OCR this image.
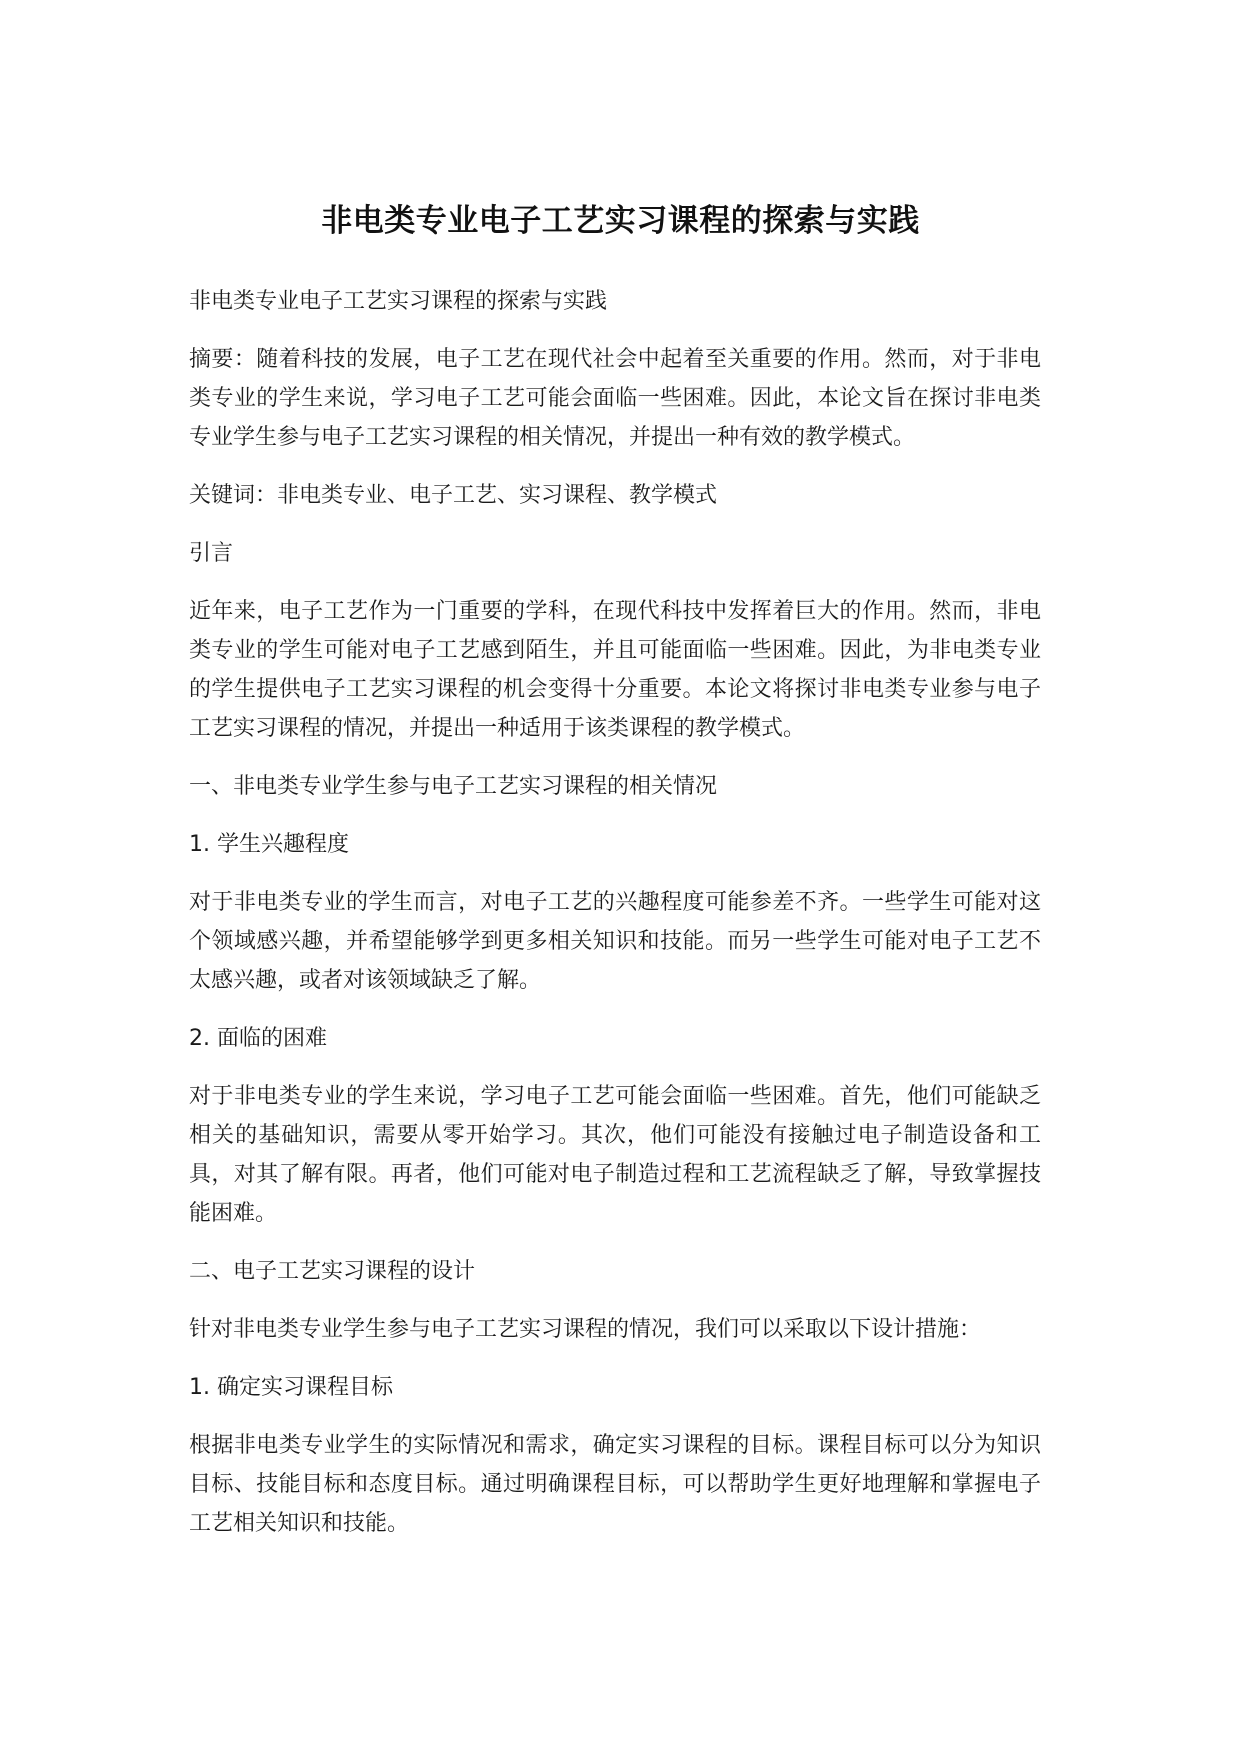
非电类专业电子工艺实习课程的探索与实践

非电类专业电子工艺实习课程的探索与实践

摘要：随着科技的发展，电子工艺在现代社会中起着至关重要的作用。然而，对于非电类专业的学生来说，学习电子工艺可能会面临一些困难。因此，本论文旨在探讨非电类专业学生参与电子工艺实习课程的相关情况，并提出一种有效的教学模式。

关键词：非电类专业、电子工艺、实习课程、教学模式

引言

近年来，电子工艺作为一门重要的学科，在现代科技中发挥着巨大的作用。然而，非电类专业的学生可能对电子工艺感到陌生，并且可能面临一些困难。因此，为非电类专业的学生提供电子工艺实习课程的机会变得十分重要。本论文将探讨非电类专业参与电子工艺实习课程的情况，并提出一种适用于该类课程的教学模式。

一、非电类专业学生参与电子工艺实习课程的相关情况

1. 学生兴趣程度

对于非电类专业的学生而言，对电子工艺的兴趣程度可能参差不齐。一些学生可能对这个领域感兴趣，并希望能够学到更多相关知识和技能。而另一些学生可能对电子工艺不太感兴趣，或者对该领域缺乏了解。

2. 面临的困难

对于非电类专业的学生来说，学习电子工艺可能会面临一些困难。首先，他们可能缺乏相关的基础知识，需要从零开始学习。其次，他们可能没有接触过电子制造设备和工具，对其了解有限。再者，他们可能对电子制造过程和工艺流程缺乏了解，导致掌握技能困难。

二、电子工艺实习课程的设计

针对非电类专业学生参与电子工艺实习课程的情况，我们可以采取以下设计措施：

1. 确定实习课程目标

根据非电类专业学生的实际情况和需求，确定实习课程的目标。课程目标可以分为知识目标、技能目标和态度目标。通过明确课程目标，可以帮助学生更好地理解和掌握电子工艺相关知识和技能。
